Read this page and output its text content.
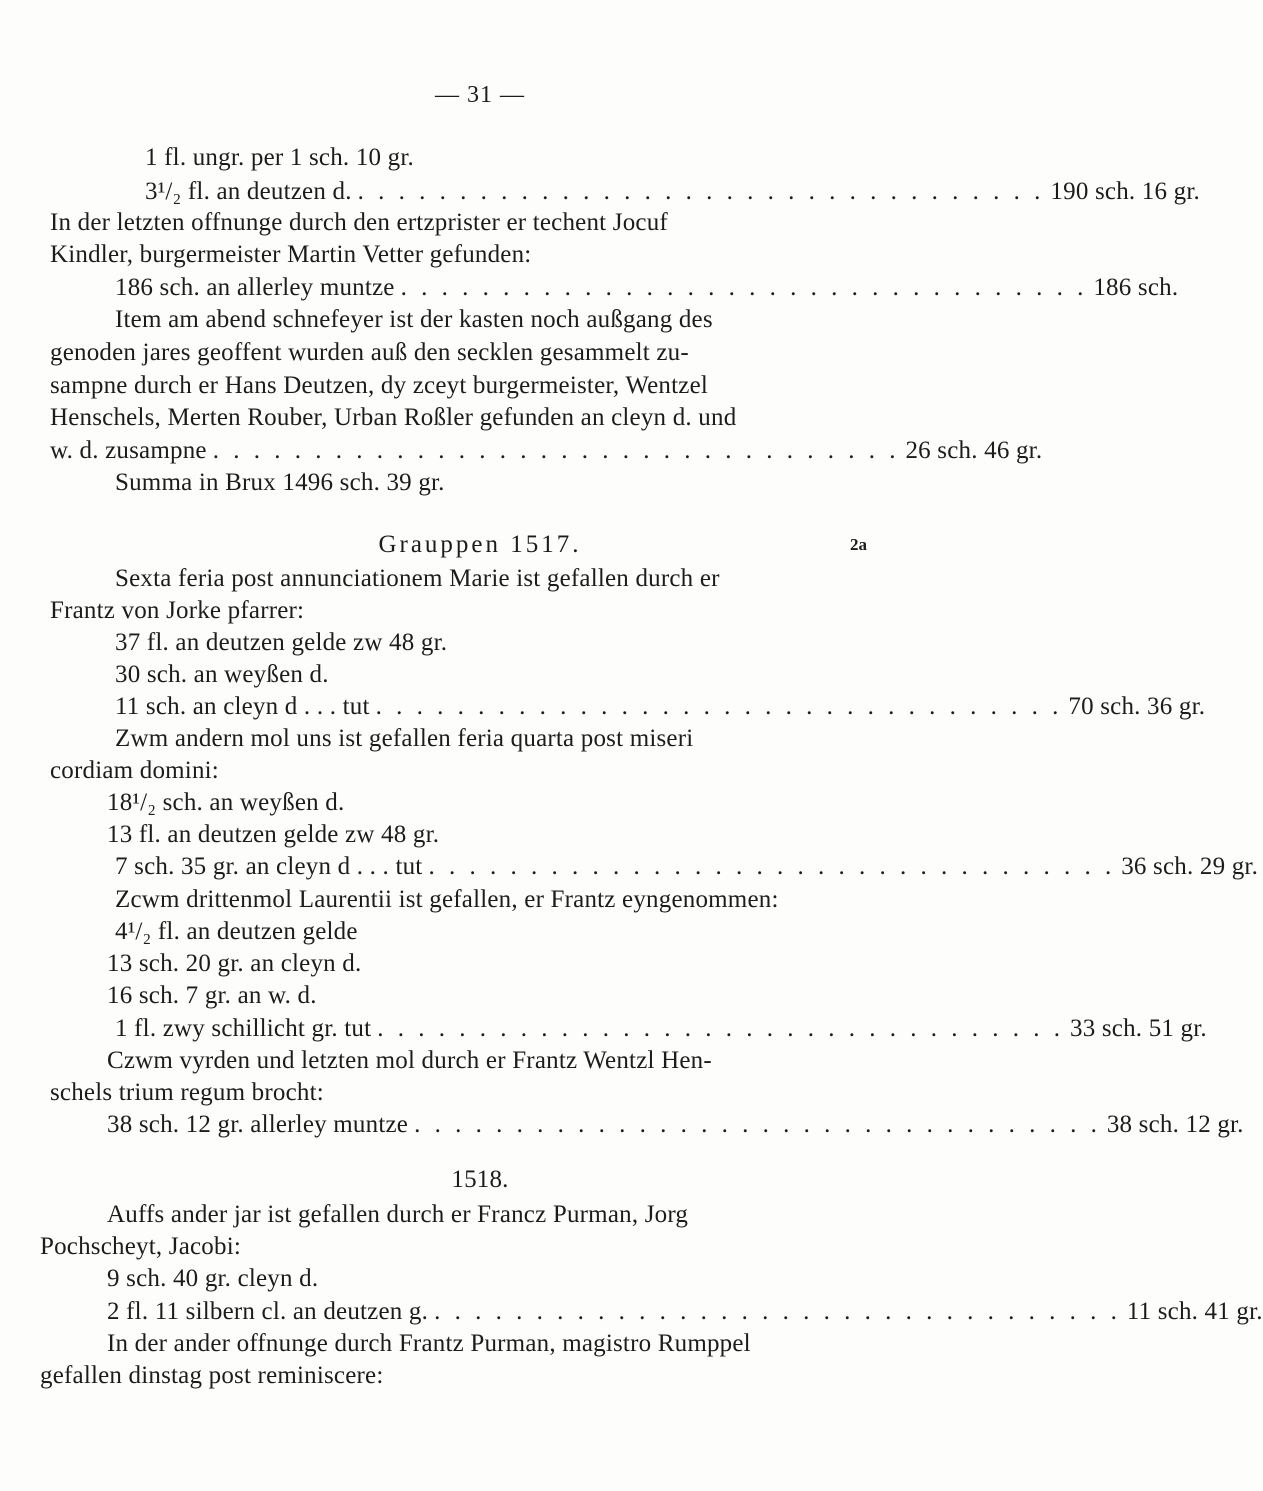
— 31 —
1 fl. ungr. per 1 sch. 10 gr.
3¹/₂ fl. an deutzen d. . . . . . . . . . . . . . . . . . . . . . . . . . . . . . . . . . . 190 sch. 16 gr.
In der letzten offnunge durch den ertzprister er techent Jocuf
Kindler, burgermeister Martin Vetter gefunden:
186 sch. an allerley muntze . . . . . . . . . . . . . . . . . . . . . . . . . . . . . . . . . . 186 sch.
Item am abend schnefeyer ist der kasten noch außgang des
genoden jares geoffent wurden auß den secklen gesammelt zu-
sampne durch er Hans Deutzen, dy zceyt burgermeister, Wentzel
Henschels, Merten Rouber, Urban Roßler gefunden an cleyn d. und
w. d. zusampne . . . . . . . . . . . . . . . . . . . . . . . . . . . . . . . . . . 26 sch. 46 gr.
Summa in Brux 1496 sch. 39 gr.
Grauppen 1517.	2a
Sexta feria post annunciationem Marie ist gefallen durch er
Frantz von Jorke pfarrer:
37 fl. an deutzen gelde zw 48 gr.
30 sch. an weyßen d.
11 sch. an cleyn d . . . tut . . . . . . . . . . . . . . . . . . . . . . . . . . . . . . . . . . 70 sch. 36 gr.
Zwm andern mol uns ist gefallen feria quarta post miseri
cordiam domini:
18¹/₂ sch. an weyßen d.
13 fl. an deutzen gelde zw 48 gr.
7 sch. 35 gr. an cleyn d . . . tut . . . . . . . . . . . . . . . . . . . . . . . . . . . . . . . . . . 36 sch. 29 gr.
Zcwm drittenmol Laurentii ist gefallen, er Frantz eyngenommen:
4¹/₂ fl. an deutzen gelde
13 sch. 20 gr. an cleyn d.
16 sch. 7 gr. an w. d.
1 fl. zwy schillicht gr. tut . . . . . . . . . . . . . . . . . . . . . . . . . . . . . . . . . . 33 sch. 51 gr.
Czwm vyrden und letzten mol durch er Frantz Wentzl Hen-
schels trium regum brocht:
38 sch. 12 gr. allerley muntze . . . . . . . . . . . . . . . . . . . . . . . . . . . . . . . . . . 38 sch. 12 gr.
1518.
Auffs ander jar ist gefallen durch er Francz Purman, Jorg
Pochscheyt, Jacobi:
9 sch. 40 gr. cleyn d.
2 fl. 11 silbern cl. an deutzen g. . . . . . . . . . . . . . . . . . . . . . . . . . . . . . . . . . . 11 sch. 41 gr.
In der ander offnunge durch Frantz Purman, magistro Rumppel
gefallen dinstag post reminiscere:
